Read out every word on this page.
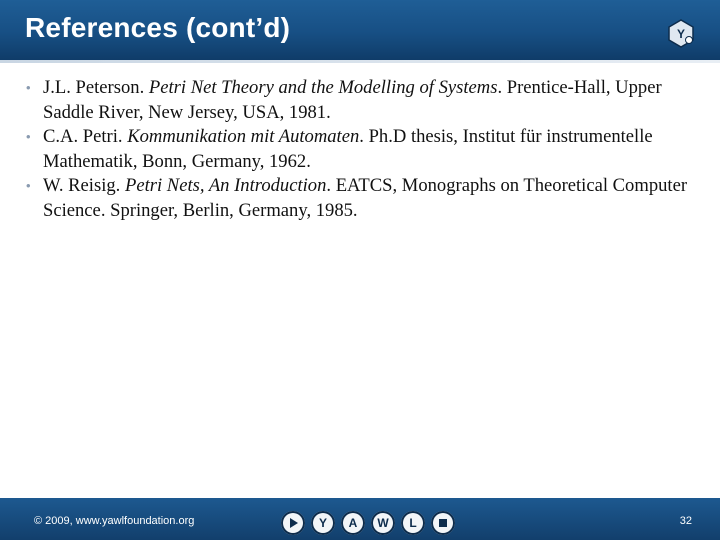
References (cont’d)	Y
• J.L. Peterson. Petri Net Theory and the Modelling of Systems. Prentice-Hall, Upper Saddle River, New Jersey, USA, 1981.
• C.A. Petri. Kommunikation mit Automaten. Ph.D thesis, Institut für instrumentelle Mathematik, Bonn, Germany, 1962.
• W. Reisig. Petri Nets, An Introduction. EATCS, Monographs on Theoretical Computer Science. Springer, Berlin, Germany, 1985.
© 2009, www.yawlfoundation.org	32
Y A W L
